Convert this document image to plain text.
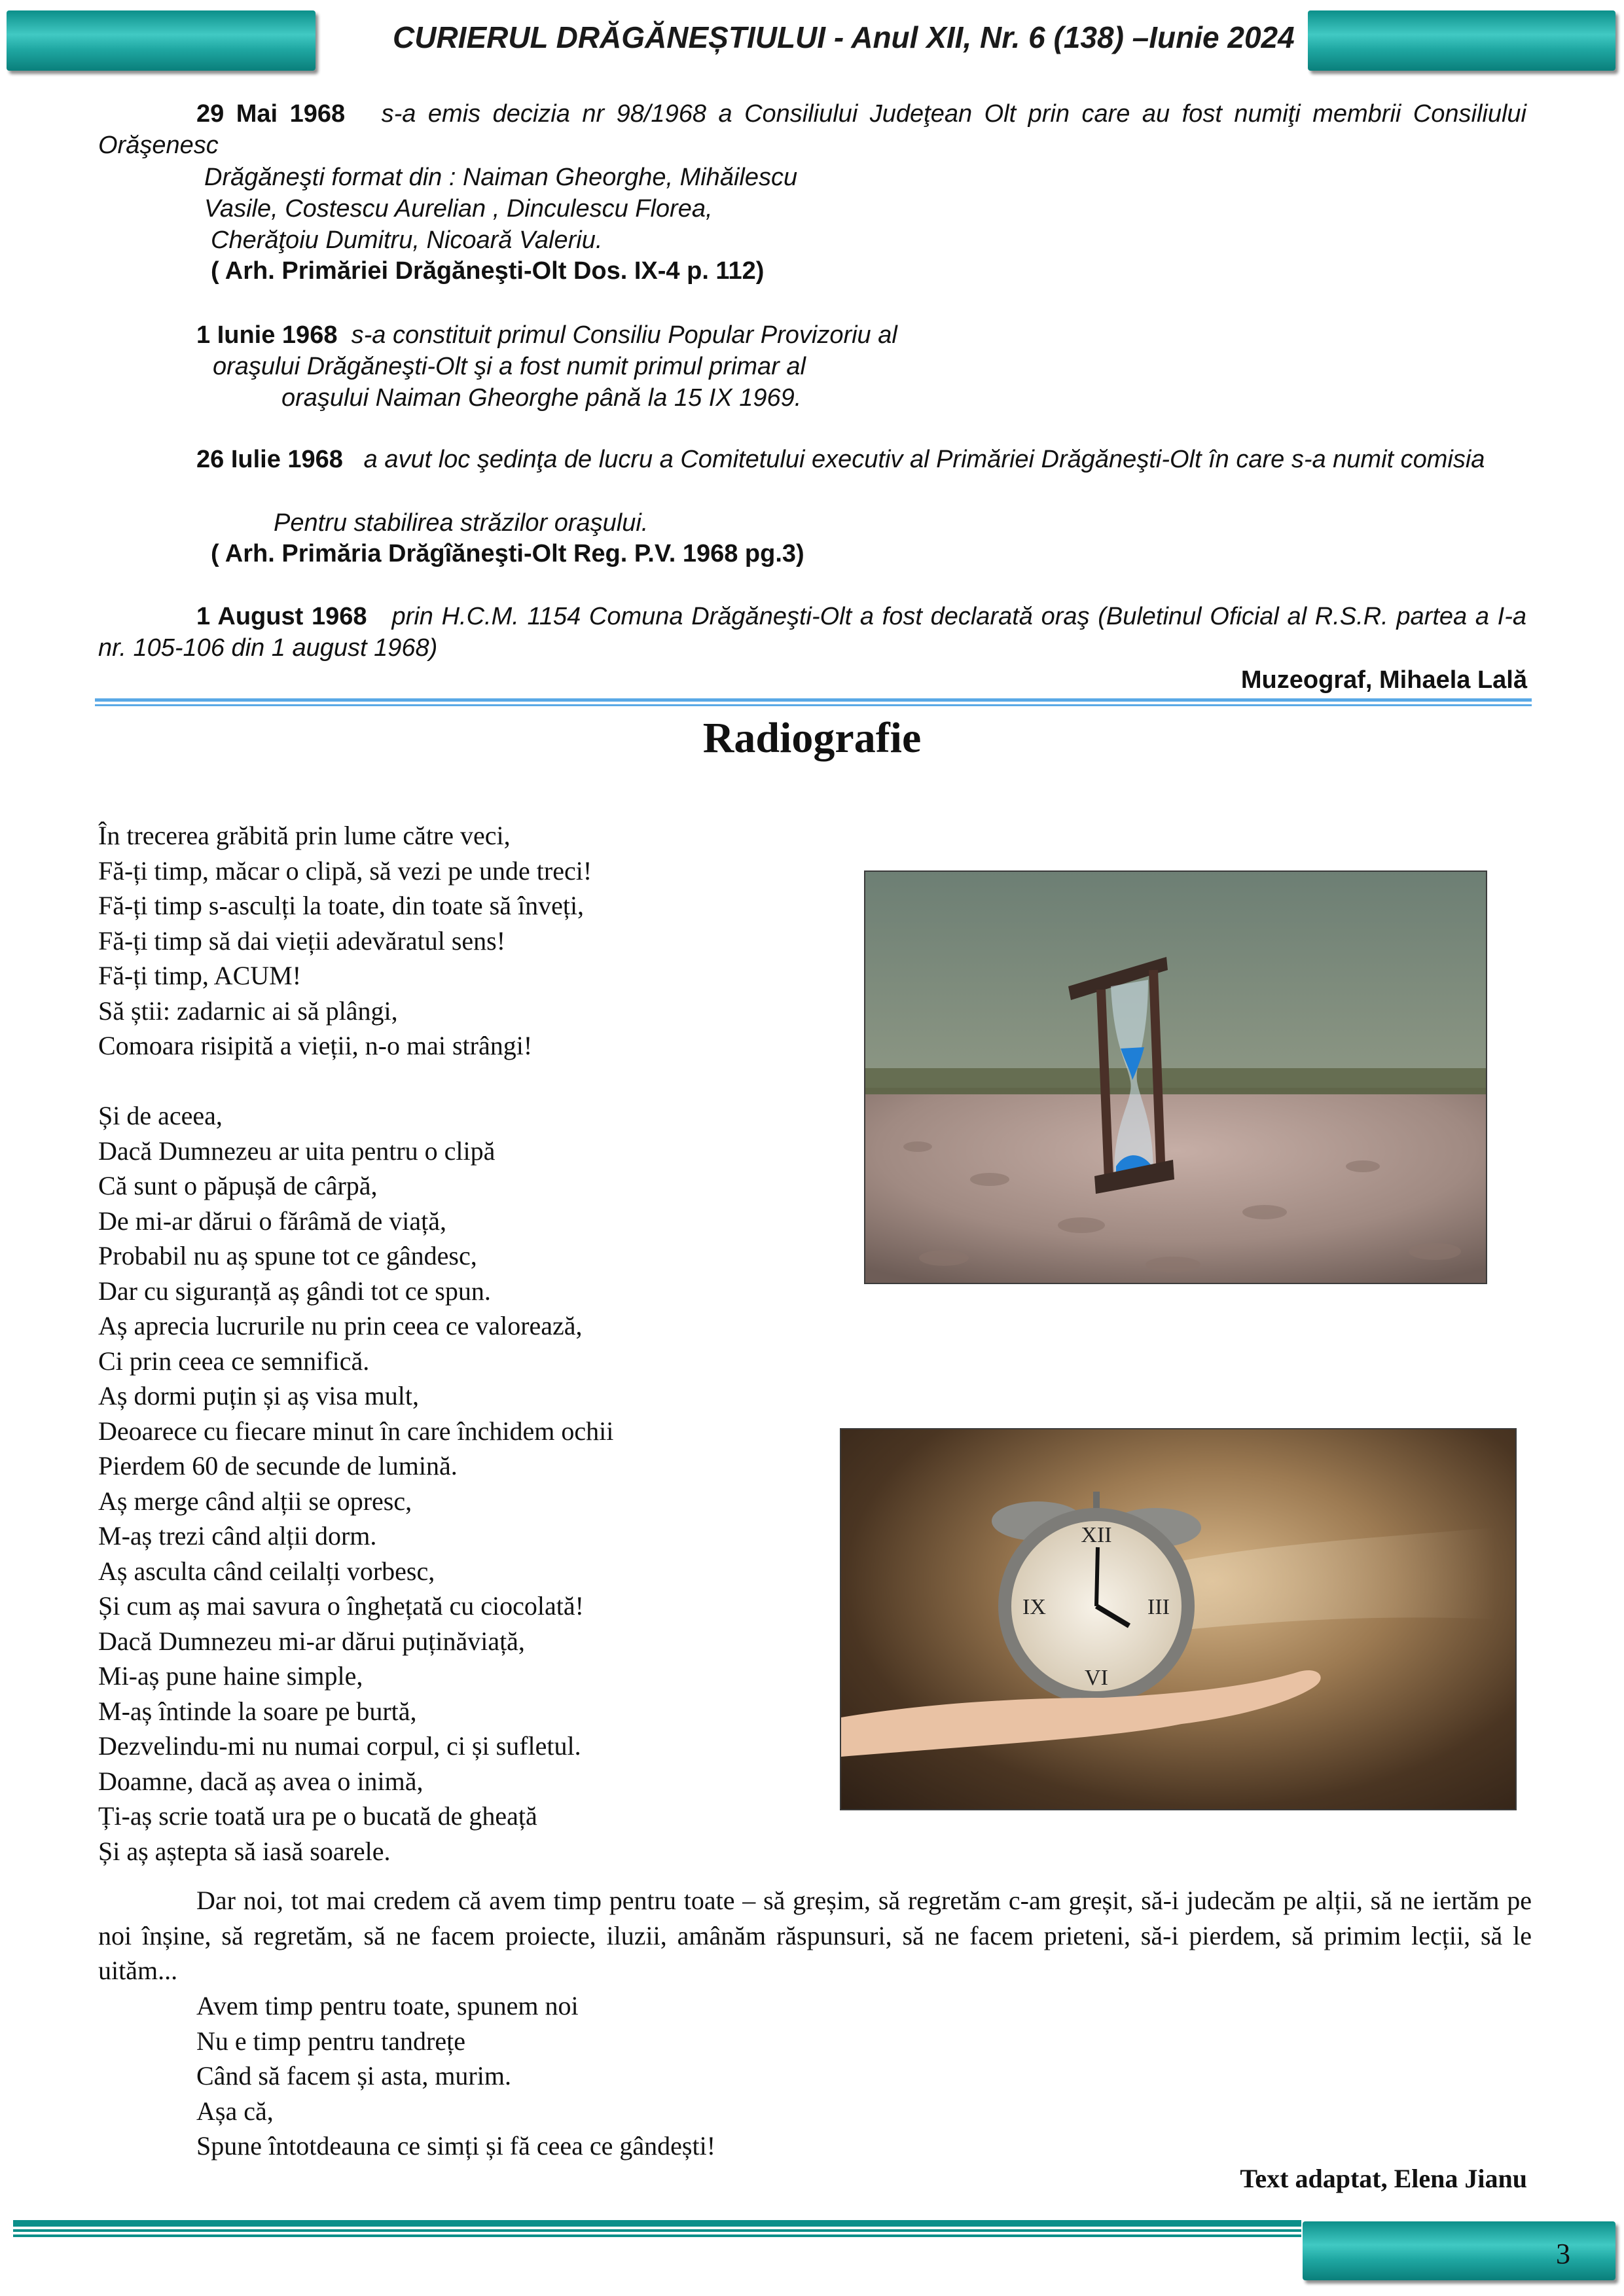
CURIERUL DRĂGĂNEȘTIULUI - Anul XII, Nr. 6 (138) –Iunie 2024
29 Mai 1968 s-a emis decizia nr 98/1968 a Consiliului Judeţean Olt prin care au fost numiţi membrii Consiliului Orăşenesc
Drăgăneşti format din : Naiman Gheorghe, Mihăilescu
Vasile, Costescu Aurelian , Dinculescu Florea,
Cherăţoiu Dumitru, Nicoară Valeriu.
( Arh. Primăriei Drăgăneşti-Olt Dos. IX-4 p. 112)
1 Iunie 1968 s-a constituit primul Consiliu Popular Provizoriu al
oraşului Drăgăneşti-Olt şi a fost numit primul primar al
oraşului Naiman Gheorghe până la 15 IX 1969.
26 Iulie 1968 a avut loc şedinţa de lucru a Comitetului executiv al Primăriei Drăgăneşti-Olt în care s-a numit comisia
Pentru stabilirea străzilor oraşului.
( Arh. Primăria Drăgîăneşti-Olt Reg. P.V. 1968 pg.3)
1 August 1968 prin H.C.M. 1154 Comuna Drăgăneşti-Olt a fost declarată oraş (Buletinul Oficial al R.S.R. partea a I-a nr. 105-106 din 1 august 1968)
Muzeograf, Mihaela Lală
Radiografie
În trecerea grăbită prin lume către veci,
Fă-ți timp, măcar o clipă, să vezi pe unde treci!
Fă-ți timp s-asculți la toate, din toate să înveți,
Fă-ți timp să dai vieții adevăratul sens!
Fă-ți timp, ACUM!
Să știi: zadarnic ai să plângi,
Comoara risipită a vieții, n-o mai strângi!
Și de aceea,
Dacă Dumnezeu ar uita pentru o clipă
Că sunt o păpușă de cârpă,
De mi-ar dărui o fărâmă de viață,
Probabil nu aș spune tot ce gândesc,
Dar cu siguranță aș gândi tot ce spun.
Aș aprecia lucrurile nu prin ceea ce valorează,
Ci prin ceea ce semnifică.
Aș dormi puțin și aș visa mult,
Deoarece cu fiecare minut în care închidem ochii
Pierdem 60 de secunde de lumină.
Aș merge când alții se opresc,
M-aș trezi când alții dorm.
Aș asculta când ceilalți vorbesc,
Și cum aș mai savura o înghețată cu ciocolată!
Dacă Dumnezeu mi-ar dărui puținăviață,
Mi-aș pune haine simple,
M-aș întinde la soare pe burtă,
Dezvelindu-mi nu numai corpul, ci și sufletul.
Doamne, dacă aș avea o inimă,
Ți-aș scrie toată ura pe o bucată de gheață
Și aș aștepta să iasă soarele.
XII
III
VI
IX
Dar noi, tot mai credem că avem timp pentru toate – să greșim, să regretăm c-am greșit, să-i judecăm pe alții, să ne iertăm pe noi înșine, să regretăm, să ne facem proiecte, iluzii, amânăm răspunsuri, să ne facem prieteni, să-i pierdem, să primim lecții, să le uităm...
Avem timp pentru toate, spunem noi
Nu e timp pentru tandrețe
Când să facem și asta, murim.
Așa că,
Spune întotdeauna ce simți și fă ceea ce gândești!
Text adaptat, Elena Jianu
3
